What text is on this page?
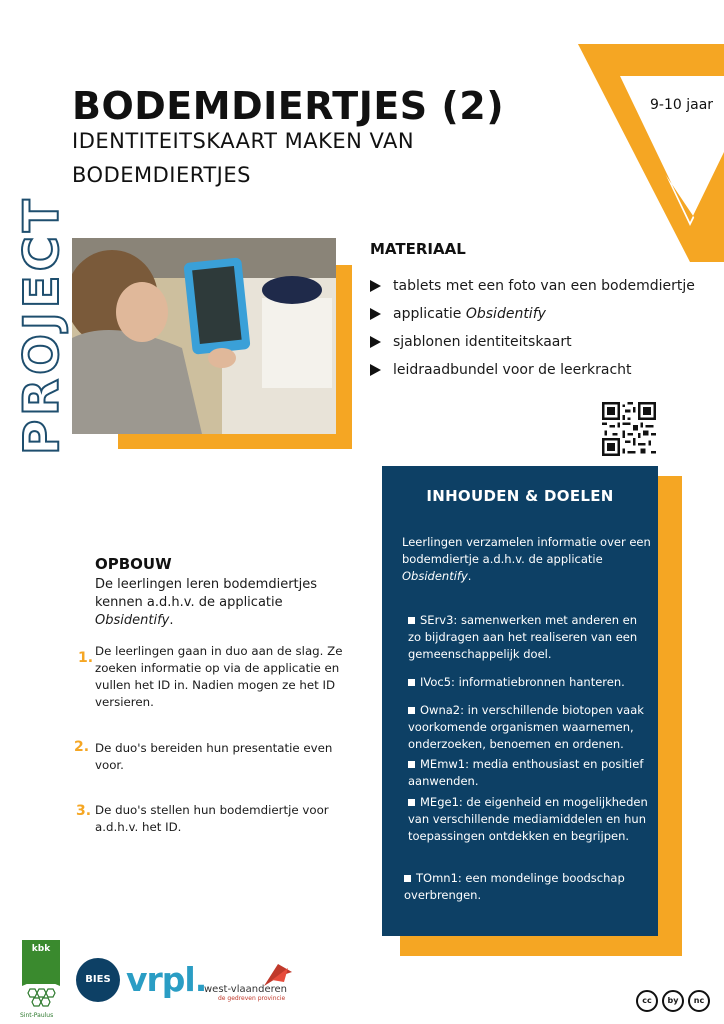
BODEMDIERTJES (2)
IDENTITEITSKAART MAKEN VAN BODEMDIERTJES
9-10 jaar
PROJECT	MATERIAAL
tablets met een foto van een bodemdiertje
applicatie Obsidentify
sjablonen identiteitskaart
leidraadbundel voor de leerkracht
INHOUDEN & DOELEN
Leerlingen verzamelen informatie over een bodemdiertje a.d.h.v. de applicatie Obsidentify.
SErv3: samenwerken met anderen en zo bijdragen aan het realiseren van een gemeenschappelijk doel.
IVoc5: informatiebronnen hanteren.
Owna2: in verschillende biotopen vaak voorkomende organismen waarnemen, onderzoeken, benoemen en ordenen.
MEmw1: media enthousiast en positief aanwenden.
MEge1: de eigenheid en mogelijkheden van verschillende mediamiddelen en hun toepassingen ontdekken en begrijpen.
TOmn1: een mondelinge boodschap overbrengen.
OPBOUW
De leerlingen leren bodemdiertjes kennen a.d.h.v. de applicatie Obsidentify.
1. De leerlingen gaan in duo aan de slag. Ze zoeken informatie op via de applicatie en vullen het ID in. Nadien mogen ze het ID versieren.
2. De duo's bereiden hun presentatie even voor.
3. De duo's stellen hun bodemdiertje voor a.d.h.v. het ID.
kbk
Sint-Paulus
BIES vrpl.
west-vlaanderen
de gedreven provincie	cc	by	nc
